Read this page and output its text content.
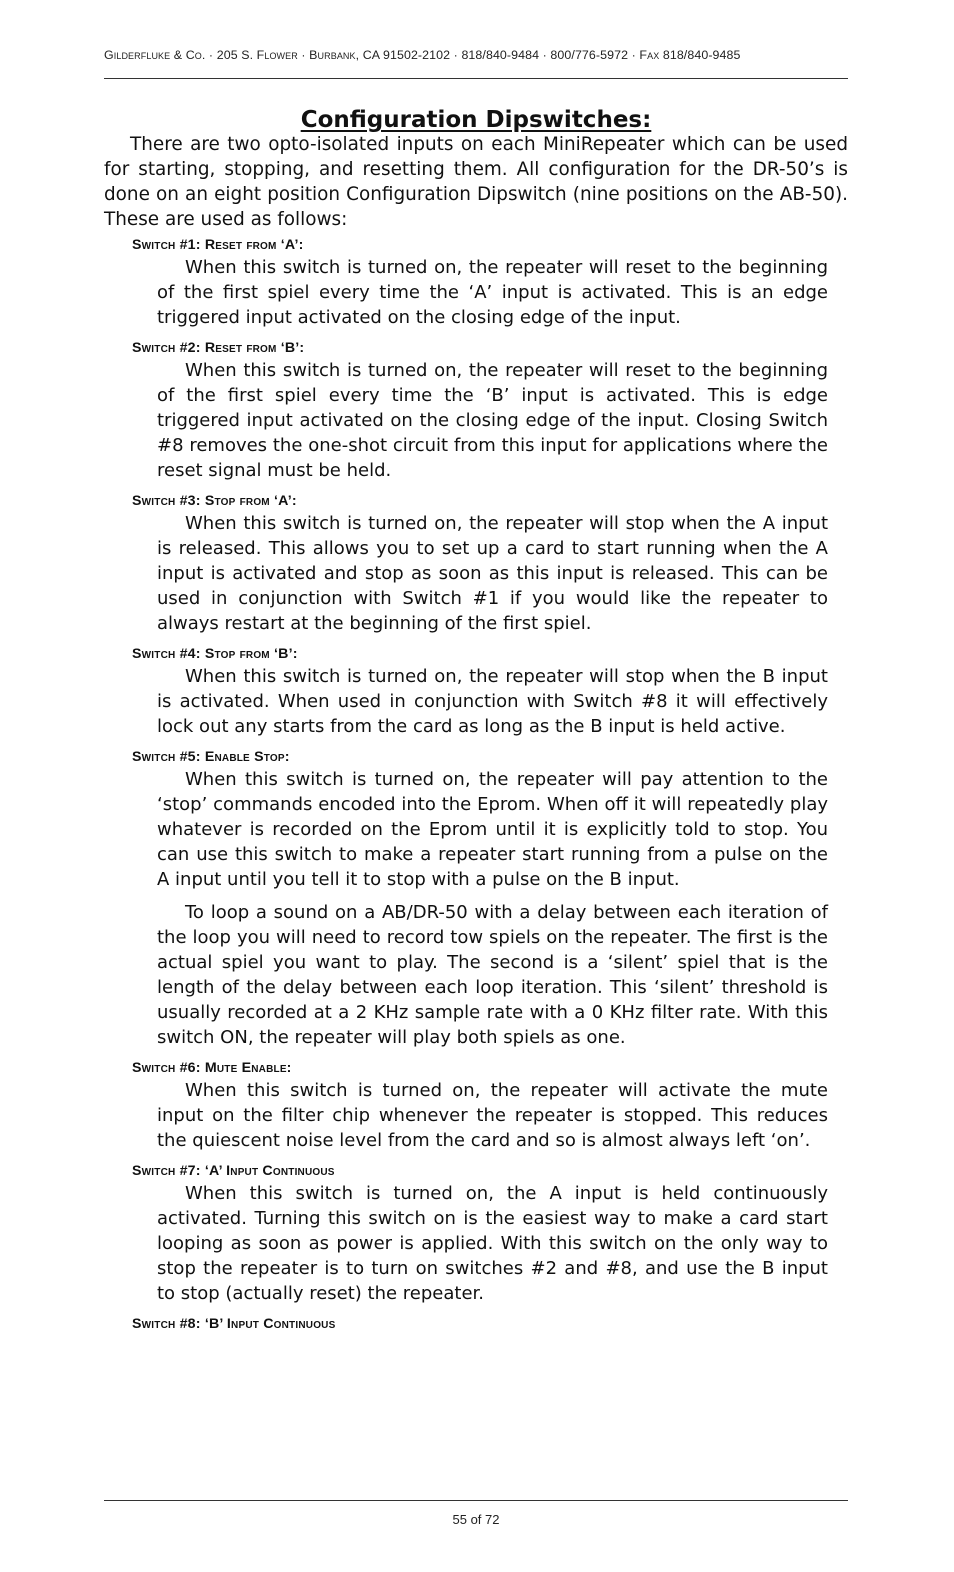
Gilderfluke & Co. · 205 S. Flower · Burbank, CA 91502-2102 · 818/840-9484 · 800/776-5972 · Fax 818/840-9485
Configuration Dipswitches:

There are two opto-isolated inputs on each MiniRepeater which can be used for starting, stopping, and resetting them. All configuration for the DR-50’s is done on an eight position Configuration Dipswitch (nine positions on the AB-50). These are used as follows:

Switch #1: Reset from ‘A’:

When this switch is turned on, the repeater will reset to the beginning of the first spiel every time the ‘A’ input is activated. This is an edge triggered input activated on the closing edge of the input.

Switch #2: Reset from ‘B’:

When this switch is turned on, the repeater will reset to the beginning of the first spiel every time the ‘B’ input is activated. This is edge triggered input activated on the closing edge of the input. Closing Switch #8 removes the one-shot circuit from this input for applications where the reset signal must be held.

Switch #3: Stop from ‘A’:

When this switch is turned on, the repeater will stop when the A input is released. This allows you to set up a card to start running when the A input is activated and stop as soon as this input is released. This can be used in conjunction with Switch #1 if you would like the repeater to always restart at the beginning of the first spiel.

Switch #4: Stop from ‘B’:

When this switch is turned on, the repeater will stop when the B input is activated. When used in conjunction with Switch #8 it will effectively lock out any starts from the card as long as the B input is held active.

Switch #5: Enable Stop:

When this switch is turned on, the repeater will pay attention to the ‘stop’ commands encoded into the Eprom. When off it will repeatedly play whatever is recorded on the Eprom until it is explicitly told to stop. You can use this switch to make a repeater start running from a pulse on the A input until you tell it to stop with a pulse on the B input.

To loop a sound on a AB/DR-50 with a delay between each iteration of the loop you will need to record tow spiels on the repeater. The first is the actual spiel you want to play. The second is a ‘silent’ spiel that is the length of the delay between each loop iteration. This ‘silent’ threshold is usually recorded at a 2 KHz sample rate with a 0 KHz filter rate. With this switch ON, the repeater will play both spiels as one.

Switch #6: Mute Enable:

When this switch is turned on, the repeater will activate the mute input on the filter chip whenever the repeater is stopped. This reduces the quiescent noise level from the card and so is almost always left ‘on’.

Switch #7: ‘A’ Input Continuous

When this switch is turned on, the A input is held continuously activated. Turning this switch on is the easiest way to make a card start looping as soon as power is applied. With this switch on the only way to stop the repeater is to turn on switches #2 and #8, and use the B input to stop (actually reset) the repeater.

Switch #8: ‘B’ Input Continuous
55 of 72
